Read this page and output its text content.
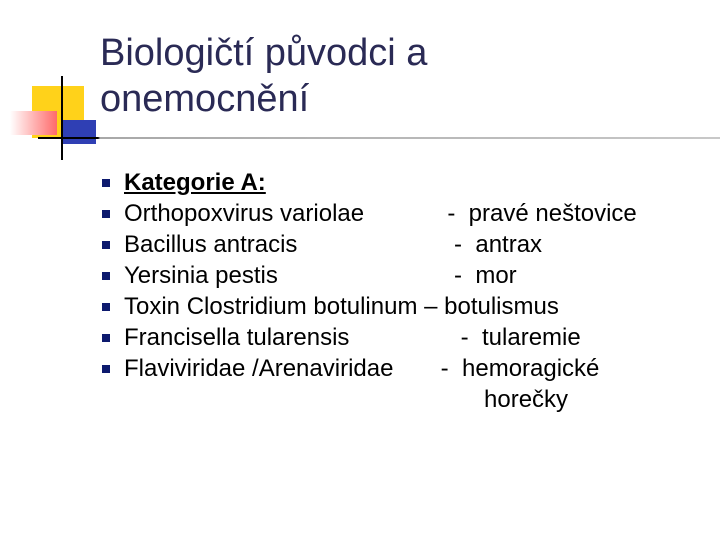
Biologičtí původci a
onemocnění
Kategorie A:
Orthopoxvirus variolae	-  pravé neštovice
Bacillus antracis	-  antrax
Yersinia pestis	-  mor
Toxin Clostridium botulinum – botulismus
Francisella tularensis	-  tularemie
Flaviviridae /Arenaviridae -  hemoragické
horečky
